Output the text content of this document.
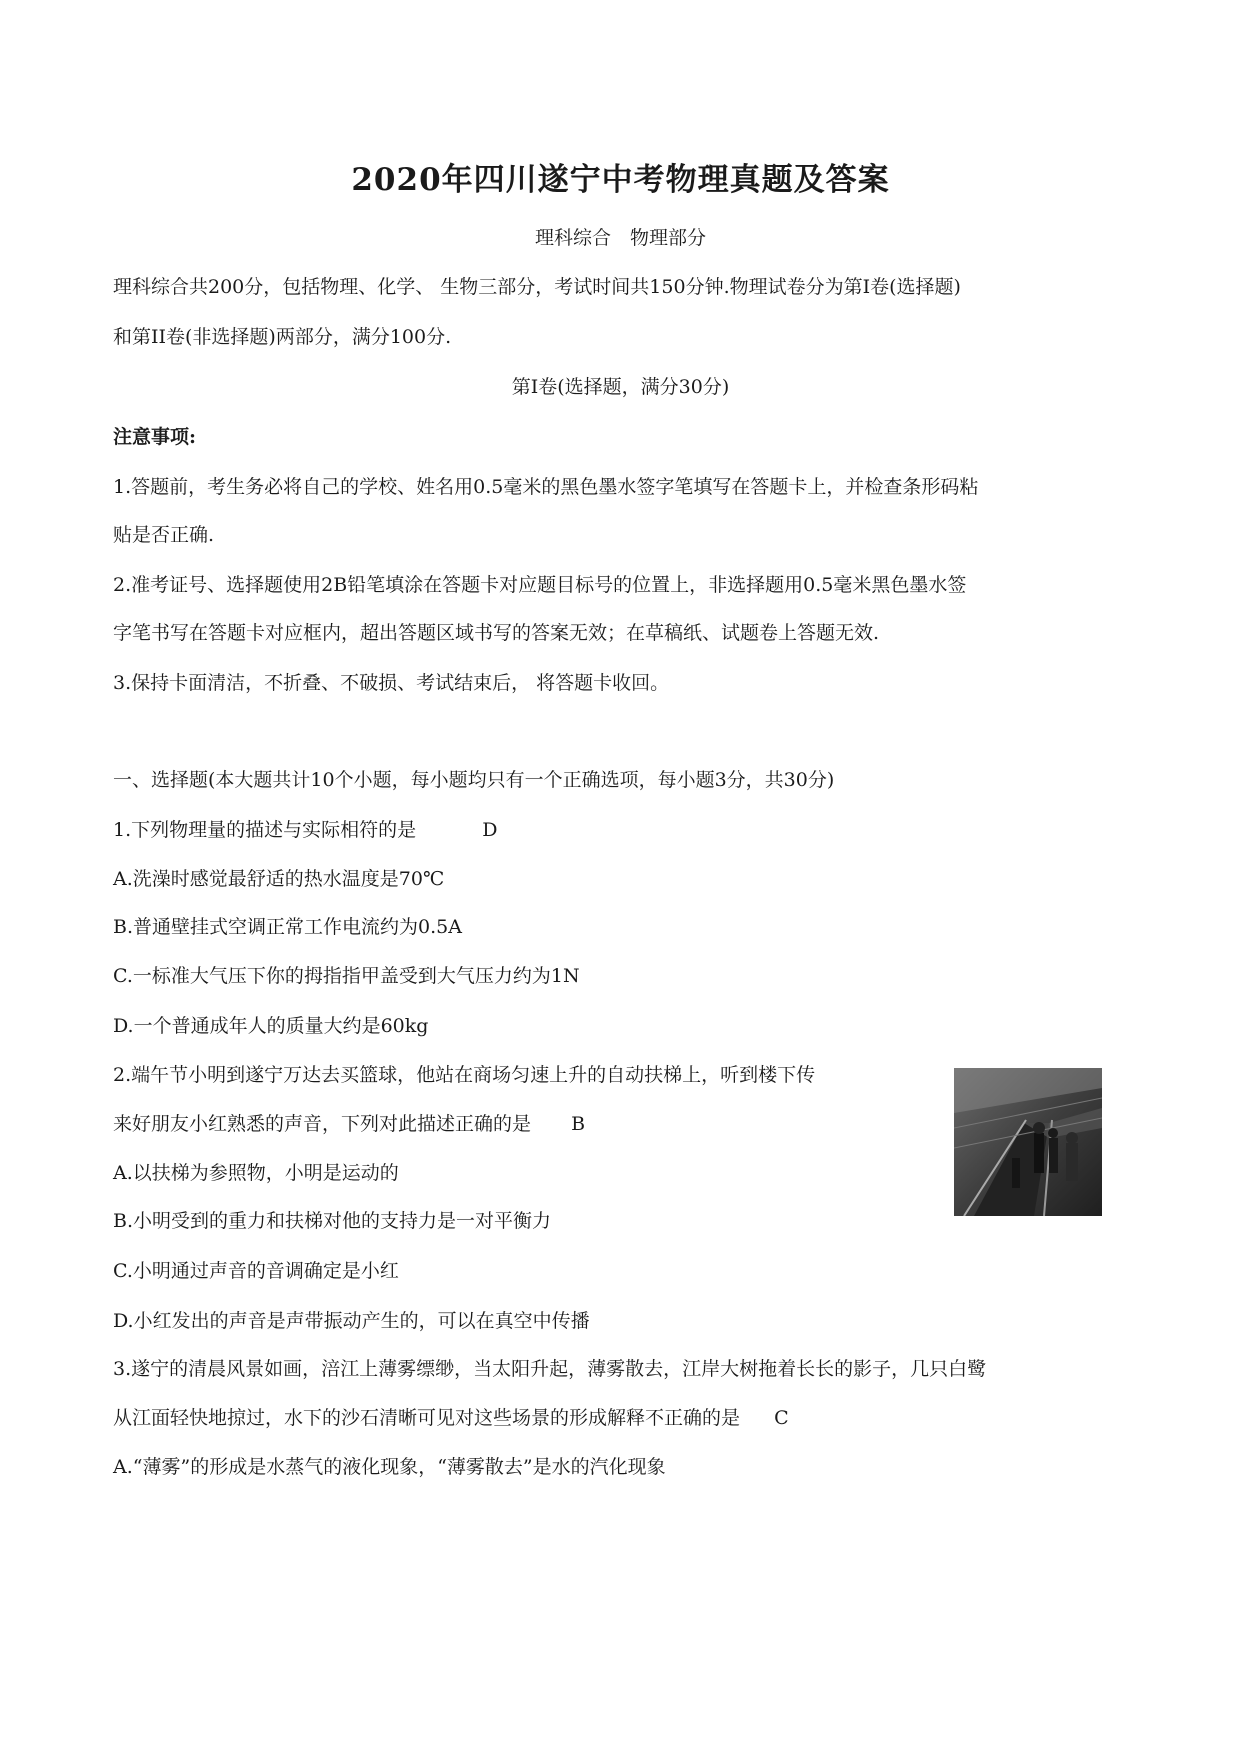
2020年四川遂宁中考物理真题及答案
理科综合　物理部分
理科综合共200分，包括物理、化学、 生物三部分，考试时间共150分钟.物理试卷分为第I卷(选择题)
和第II卷(非选择题)两部分，满分100分.
第I卷(选择题，满分30分)
注意事项:
1.答题前，考生务必将自己的学校、姓名用0.5毫米的黑色墨水签字笔填写在答题卡上，并检查条形码粘
贴是否正确.
2.准考证号、选择题使用2B铅笔填涂在答题卡对应题目标号的位置上，非选择题用0.5毫米黑色墨水签
字笔书写在答题卡对应框内，超出答题区域书写的答案无效；在草稿纸、试题卷上答题无效.
3.保持卡面清洁，不折叠、不破损、考试结束后， 将答题卡收回。
一、选择题(本大题共计10个小题，每小题均只有一个正确选项，每小题3分，共30分)
1.下列物理量的描述与实际相符的是	D
A.洗澡时感觉最舒适的热水温度是70℃
B.普通壁挂式空调正常工作电流约为0.5A
C.一标准大气压下你的拇指指甲盖受到大气压力约为1N
D.一个普通成年人的质量大约是60kg
2.端午节小明到遂宁万达去买篮球，他站在商场匀速上升的自动扶梯上，听到楼下传
来好朋友小红熟悉的声音，下列对此描述正确的是 B
A.以扶梯为参照物，小明是运动的
B.小明受到的重力和扶梯对他的支持力是一对平衡力
C.小明通过声音的音调确定是小红
D.小红发出的声音是声带振动产生的，可以在真空中传播
3.遂宁的清晨风景如画，涪江上薄雾缥缈，当太阳升起，薄雾散去，江岸大树拖着长长的影子，几只白鹭
从江面轻快地掠过，水下的沙石清晰可见对这些场景的形成解释不正确的是 C
A.“薄雾”的形成是水蒸气的液化现象，“薄雾散去”是水的汽化现象
